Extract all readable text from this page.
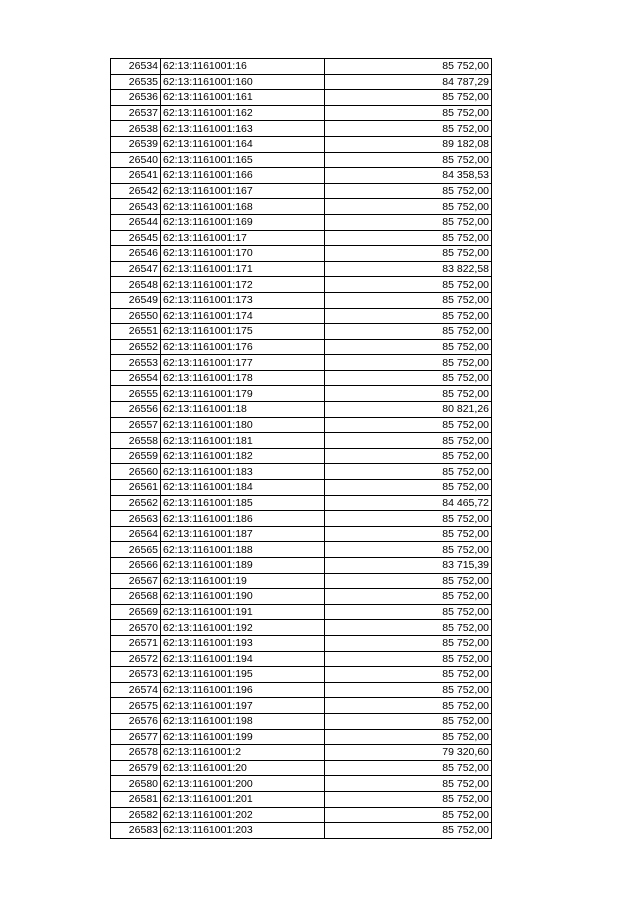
26534	62:13:1161001:16	85 752,00
26535	62:13:1161001:160	84 787,29
26536	62:13:1161001:161	85 752,00
26537	62:13:1161001:162	85 752,00
26538	62:13:1161001:163	85 752,00
26539	62:13:1161001:164	89 182,08
26540	62:13:1161001:165	85 752,00
26541	62:13:1161001:166	84 358,53
26542	62:13:1161001:167	85 752,00
26543	62:13:1161001:168	85 752,00
26544	62:13:1161001:169	85 752,00
26545	62:13:1161001:17	85 752,00
26546	62:13:1161001:170	85 752,00
26547	62:13:1161001:171	83 822,58
26548	62:13:1161001:172	85 752,00
26549	62:13:1161001:173	85 752,00
26550	62:13:1161001:174	85 752,00
26551	62:13:1161001:175	85 752,00
26552	62:13:1161001:176	85 752,00
26553	62:13:1161001:177	85 752,00
26554	62:13:1161001:178	85 752,00
26555	62:13:1161001:179	85 752,00
26556	62:13:1161001:18	80 821,26
26557	62:13:1161001:180	85 752,00
26558	62:13:1161001:181	85 752,00
26559	62:13:1161001:182	85 752,00
26560	62:13:1161001:183	85 752,00
26561	62:13:1161001:184	85 752,00
26562	62:13:1161001:185	84 465,72
26563	62:13:1161001:186	85 752,00
26564	62:13:1161001:187	85 752,00
26565	62:13:1161001:188	85 752,00
26566	62:13:1161001:189	83 715,39
26567	62:13:1161001:19	85 752,00
26568	62:13:1161001:190	85 752,00
26569	62:13:1161001:191	85 752,00
26570	62:13:1161001:192	85 752,00
26571	62:13:1161001:193	85 752,00
26572	62:13:1161001:194	85 752,00
26573	62:13:1161001:195	85 752,00
26574	62:13:1161001:196	85 752,00
26575	62:13:1161001:197	85 752,00
26576	62:13:1161001:198	85 752,00
26577	62:13:1161001:199	85 752,00
26578	62:13:1161001:2	79 320,60
26579	62:13:1161001:20	85 752,00
26580	62:13:1161001:200	85 752,00
26581	62:13:1161001:201	85 752,00
26582	62:13:1161001:202	85 752,00
26583	62:13:1161001:203	85 752,00
